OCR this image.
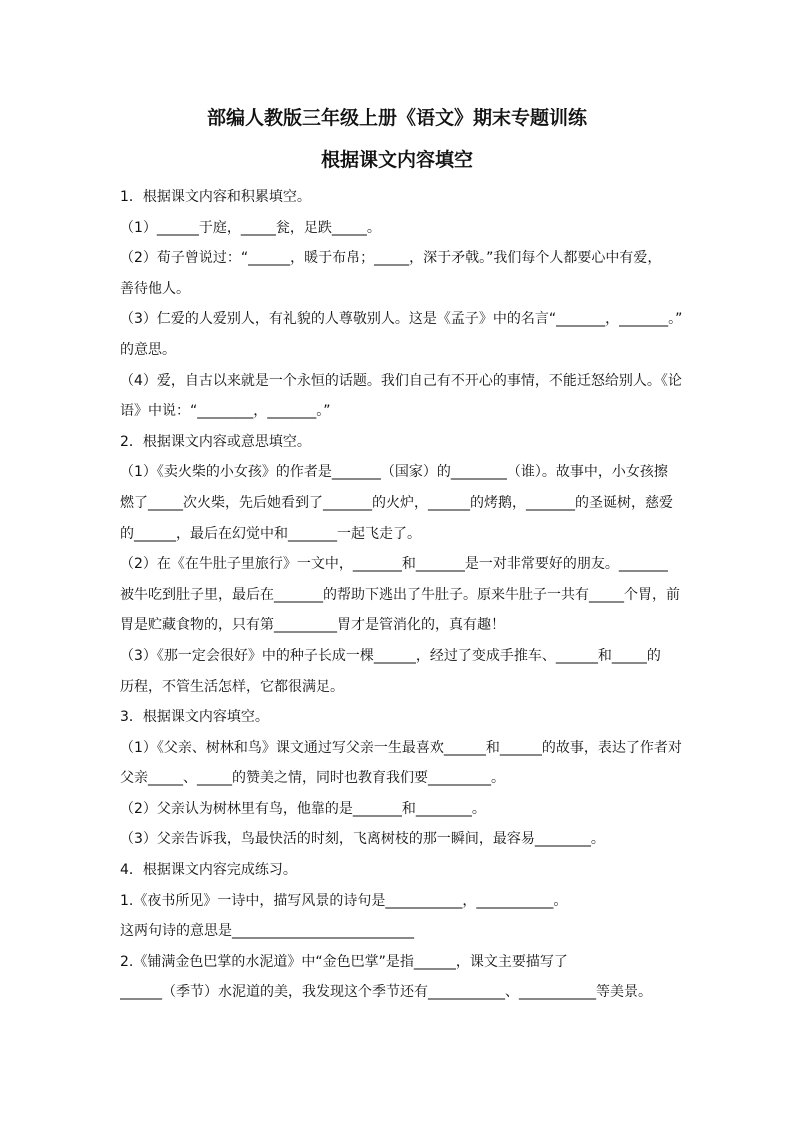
部编人教版三年级上册《语文》期末专题训练
根据课文内容填空
1．根据课文内容和积累填空。
（1）______于庭，_____瓮，足跌_____。
（2）荀子曾说过：“______，暖于布帛；_____，深于矛戟。”我们每个人都要心中有爱，
善待他人。
（3）仁爱的人爱别人，有礼貌的人尊敬别人。这是《孟子》中的名言“_______，_______。”
的意思。
（4）爱，自古以来就是一个永恒的话题。我们自己有不开心的事情，不能迁怒给别人。《论
语》中说：“________，_______。”
2．根据课文内容或意思填空。
（1）《卖火柴的小女孩》的作者是_______（国家）的________（谁）。故事中，小女孩擦
燃了_____次火柴，先后她看到了_______的火炉，______的烤鹅，_______的圣诞树，慈爱
的______，最后在幻觉中和_______一起飞走了。
（2）在《在牛肚子里旅行》一文中，_______和_______是一对非常要好的朋友。_______
被牛吃到肚子里，最后在_______的帮助下逃出了牛肚子。原来牛肚子一共有_____个胃，前
胃是贮藏食物的，只有第_________胃才是管消化的，真有趣！
（3）《那一定会很好》中的种子长成一棵______，经过了变成手推车、______和_____的
历程，不管生活怎样，它都很满足。
3．根据课文内容填空。
（1）《父亲、树林和鸟》课文通过写父亲一生最喜欢______和______的故事，表达了作者对
父亲_____、_____的赞美之情，同时也教育我们要_________。
（2）父亲认为树林里有鸟，他靠的是_______和________。
（3）父亲告诉我，鸟最快活的时刻，飞离树枝的那一瞬间，最容易________。
4．根据课文内容完成练习。
1.《夜书所见》一诗中，描写风景的诗句是___________，___________。
这两句诗的意思是__________________________
2.《铺满金色巴掌的水泥道》中“金色巴掌”是指______，课文主要描写了
______（季节）水泥道的美，我发现这个季节还有___________、___________等美景。
